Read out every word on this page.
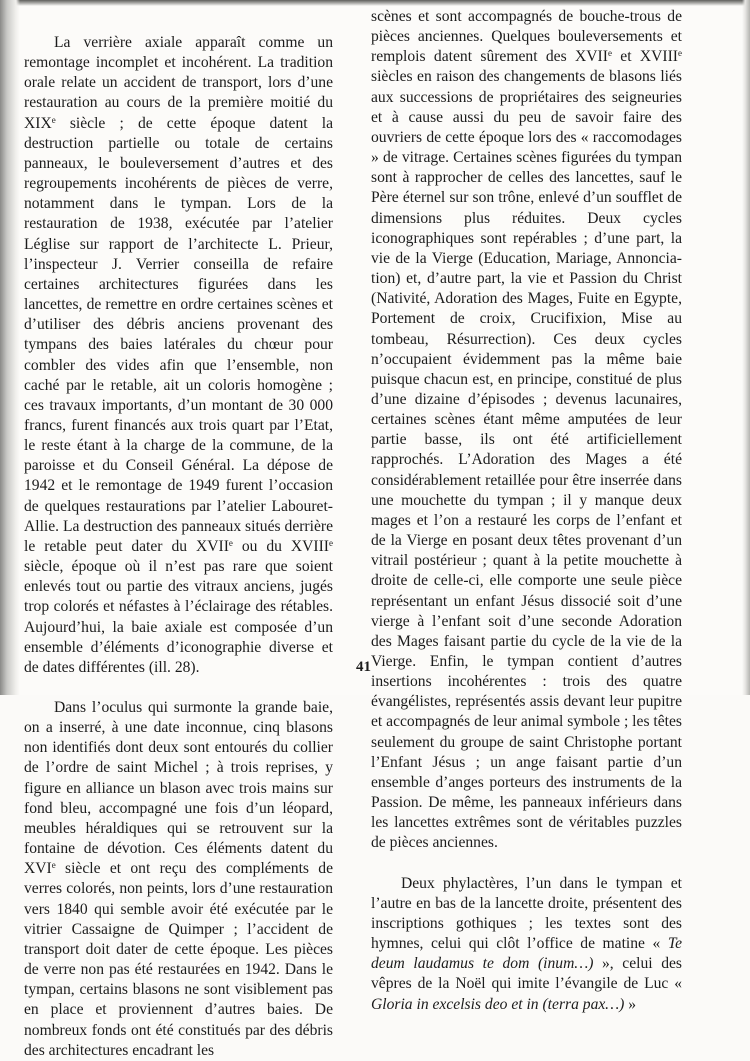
La verrière axiale apparaît comme un remontage incomplet et incohérent. La tradition orale relate un accident de transport, lors d’une restauration au cours de la première moitié du XIXe siècle ; de cette époque datent la destruction partielle ou totale de certains panneaux, le bouleversement d’autres et des regroupements incohérents de pièces de verre, notamment dans le tympan. Lors de la restauration de 1938, exécutée par l’atelier Léglise sur rapport de l’architecte L. Prieur, l’inspecteur J. Verrier conseilla de refaire certaines architectures figurées dans les lancettes, de remettre en ordre certaines scènes et d’utiliser des débris anciens provenant des tympans des baies latérales du chœur pour combler des vides afin que l’ensemble, non caché par le retable, ait un coloris homogène ; ces travaux importants, d’un montant de 30 000 francs, furent financés aux trois quart par l’Etat, le reste étant à la charge de la commune, de la paroisse et du Conseil Général. La dépose de 1942 et le remontage de 1949 furent l’occasion de quelques restaurations par l’atelier Labouret-Allie. La destruction des panneaux situés derrière le retable peut dater du XVIIe ou du XVIIIe siècle, époque où il n’est pas rare que soient enlevés tout ou partie des vitraux anciens, jugés trop colorés et néfastes à l’éclairage des rétables. Aujourd’hui, la baie axiale est composée d’un ensemble d’éléments d’iconographie diverse et de dates différentes (ill. 28).

Dans l’oculus qui surmonte la grande baie, on a inserré, à une date inconnue, cinq blasons non identifiés dont deux sont entourés du collier de l’ordre de saint Michel ; à trois reprises, y figure en alliance un blason avec trois mains sur fond bleu, accompagné une fois d’un léopard, meubles héraldiques qui se retrouvent sur la fontaine de dévotion. Ces éléments datent du XVIe siècle et ont reçu des compléments de verres colorés, non peints, lors d’une restauration vers 1840 qui semble avoir été exécutée par le vitrier Cassaigne de Quimper ; l’accident de transport doit dater de cette époque. Les pièces de verre non pas été restaurées en 1942. Dans le tympan, certains blasons ne sont visiblement pas en place et proviennent d’autres baies. De nombreux fonds ont été constitués par des débris des architectures encadrant les

scènes et sont accompagnés de bouche-trous de pièces anciennes. Quelques bouleversements et remplois datent sûrement des XVIIe et XVIIIe siècles en raison des changements de blasons liés aux successions de propriétaires des seigneuries et à cause aussi du peu de savoir faire des ouvriers de cette époque lors des « raccomodages » de vitrage. Certaines scènes figurées du tympan sont à rapprocher de celles des lancettes, sauf le Père éternel sur son trône, enlevé d’un soufflet de dimensions plus réduites. Deux cycles iconographiques sont repérables ; d’une part, la vie de la Vierge (Education, Mariage, Annonciation) et, d’autre part, la vie et Passion du Christ (Nativité, Adoration des Mages, Fuite en Egypte, Portement de croix, Crucifixion, Mise au tombeau, Résurrection). Ces deux cycles n’occupaient évidemment pas la même baie puisque chacun est, en principe, constitué de plus d’une dizaine d’épisodes ; devenus lacunaires, certaines scènes étant même amputées de leur partie basse, ils ont été artificiellement rapprochés. L’Adoration des Mages a été considérablement retaillée pour être inserrée dans une mouchette du tympan ; il y manque deux mages et l’on a restauré les corps de l’enfant et de la Vierge en posant deux têtes provenant d’un vitrail postérieur ; quant à la petite mouchette à droite de celle-ci, elle comporte une seule pièce représentant un enfant Jésus dissocié soit d’une vierge à l’enfant soit d’une seconde Adoration des Mages faisant partie du cycle de la vie de la Vierge. Enfin, le tympan contient d’autres insertions incohérentes : trois des quatre évangélistes, représentés assis devant leur pupitre et accompagnés de leur animal symbole ; les têtes seulement du groupe de saint Christophe portant l’Enfant Jésus ; un ange faisant partie d’un ensemble d’anges porteurs des instruments de la Passion. De même, les panneaux inférieurs dans les lancettes extrêmes sont de véritables puzzles de pièces anciennes.

Deux phylactères, l’un dans le tympan et l’autre en bas de la lancette droite, présentent des inscriptions gothiques ; les textes sont des hymnes, celui qui clôt l’office de matine « Te deum laudamus te dom (inum…) », celui des vêpres de la Noël qui imite l’évangile de Luc « Gloria in excelsis deo et in (terra pax…) »

41
